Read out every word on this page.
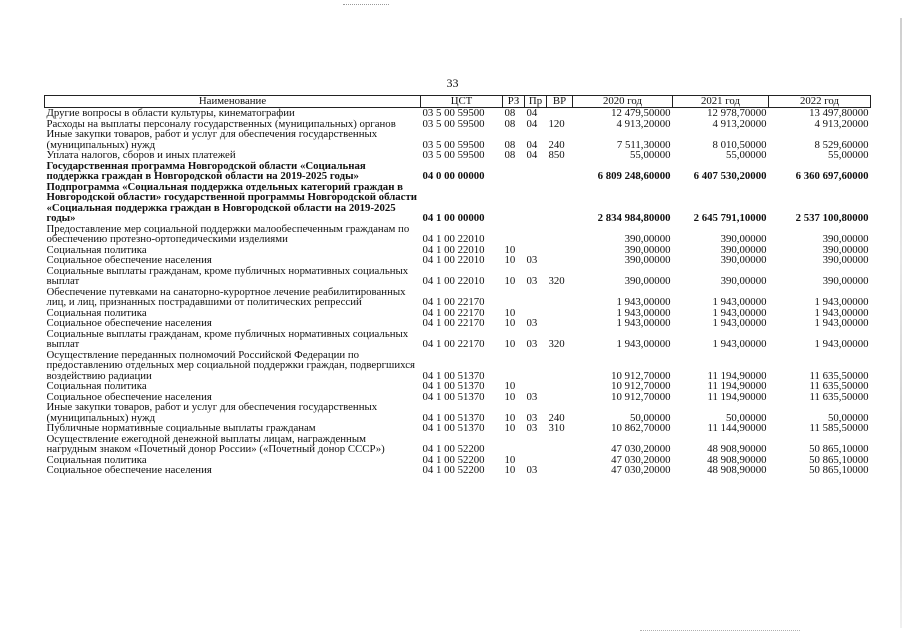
33
Наименование	ЦСТ	РЗ	Пр	ВР	2020 год	2021 год	2022 год
Другие вопросы в области культуры, кинематографии	03 5 00 59500	08	04		12 479,50000	12 978,70000	13 497,80000
Расходы на выплаты персоналу государственных (муниципальных) органов	03 5 00 59500	08	04	120	4 913,20000	4 913,20000	4 913,20000
Иные закупки товаров, работ и услуг для обеспечения государственных (муниципальных) нужд	03 5 00 59500	08	04	240	7 511,30000	8 010,50000	8 529,60000
Уплата налогов, сборов и иных платежей	03 5 00 59500	08	04	850	55,00000	55,00000	55,00000
Государственная программа Новгородской области «Социальная поддержка граждан в Новгородской области на 2019-2025 годы»	04 0 00 00000				6 809 248,60000	6 407 530,20000	6 360 697,60000
Подпрограмма «Социальная поддержка отдельных категорий граждан в Новгородской области» государственной программы Новгородской области «Социальная поддержка граждан в Новгородской области на 2019-2025 годы»	04 1 00 00000				2 834 984,80000	2 645 791,10000	2 537 100,80000
Предоставление мер социальной поддержки малообеспеченным гражданам по обеспечению протезно-ортопедическими изделиями	04 1 00 22010				390,00000	390,00000	390,00000
Социальная политика	04 1 00 22010	10			390,00000	390,00000	390,00000
Социальное обеспечение населения	04 1 00 22010	10	03		390,00000	390,00000	390,00000
Социальные выплаты гражданам, кроме публичных нормативных социальных выплат	04 1 00 22010	10	03	320	390,00000	390,00000	390,00000
Обеспечение путевками на санаторно-курортное лечение реабилитированных лиц, и лиц, признанных пострадавшими от политических репрессий	04 1 00 22170				1 943,00000	1 943,00000	1 943,00000
Социальная политика	04 1 00 22170	10			1 943,00000	1 943,00000	1 943,00000
Социальное обеспечение населения	04 1 00 22170	10	03		1 943,00000	1 943,00000	1 943,00000
Социальные выплаты гражданам, кроме публичных нормативных социальных выплат	04 1 00 22170	10	03	320	1 943,00000	1 943,00000	1 943,00000
Осуществление переданных полномочий Российской Федерации по предоставлению отдельных мер социальной поддержки граждан, подвергшихся воздействию радиации	04 1 00 51370				10 912,70000	11 194,90000	11 635,50000
Социальная политика	04 1 00 51370	10			10 912,70000	11 194,90000	11 635,50000
Социальное обеспечение населения	04 1 00 51370	10	03		10 912,70000	11 194,90000	11 635,50000
Иные закупки товаров, работ и услуг для обеспечения государственных (муниципальных) нужд	04 1 00 51370	10	03	240	50,00000	50,00000	50,00000
Публичные нормативные социальные выплаты гражданам	04 1 00 51370	10	03	310	10 862,70000	11 144,90000	11 585,50000
Осуществление ежегодной денежной выплаты лицам, награжденным нагрудным знаком «Почетный донор России» («Почетный донор СССР»)	04 1 00 52200				47 030,20000	48 908,90000	50 865,10000
Социальная политика	04 1 00 52200	10			47 030,20000	48 908,90000	50 865,10000
Социальное обеспечение населения	04 1 00 52200	10	03		47 030,20000	48 908,90000	50 865,10000
